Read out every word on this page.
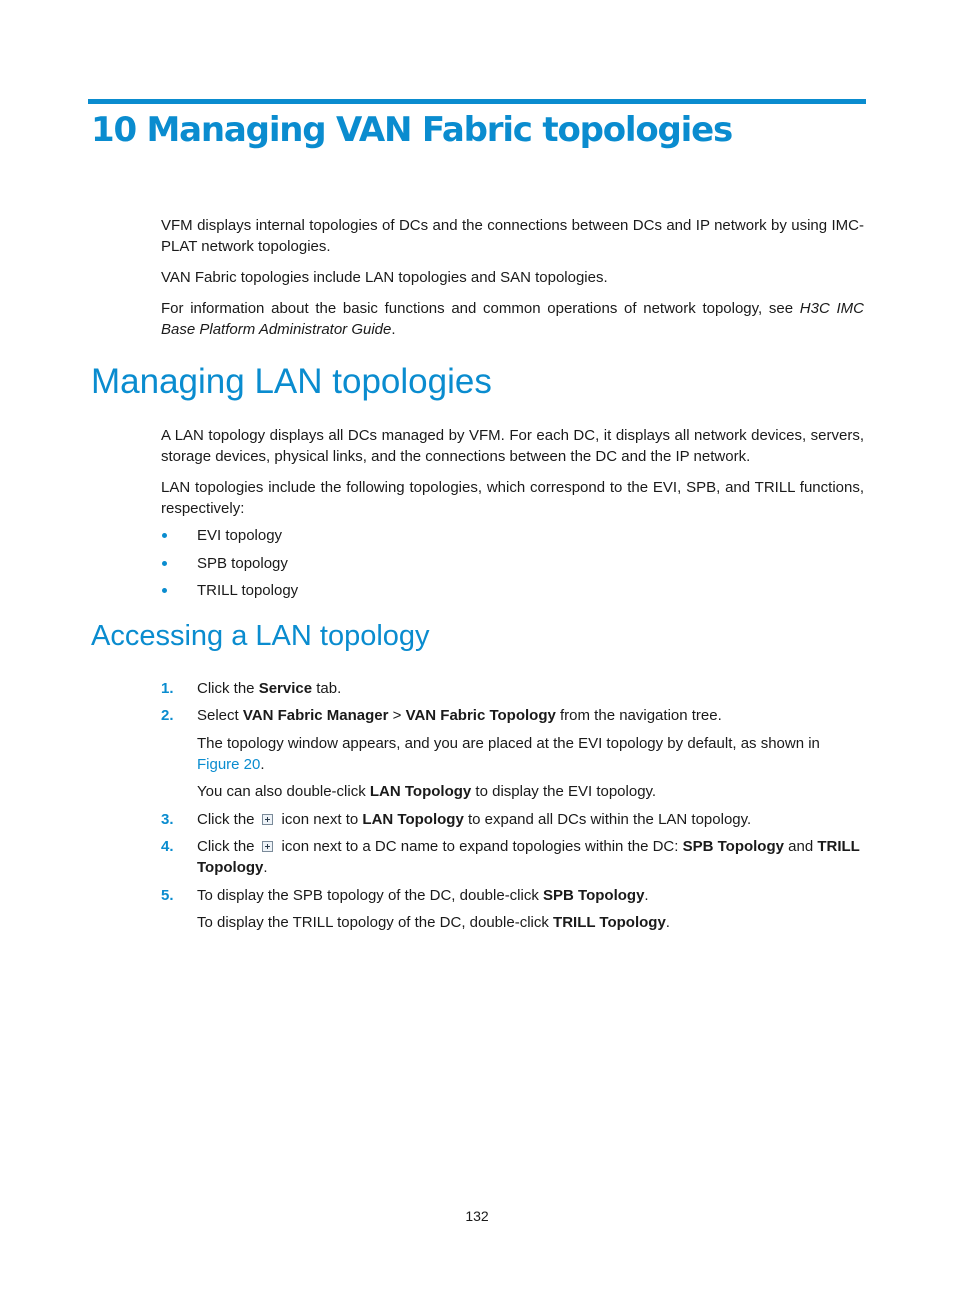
10 Managing VAN Fabric topologies

VFM displays internal topologies of DCs and the connections between DCs and IP network by using IMC-PLAT network topologies.

VAN Fabric topologies include LAN topologies and SAN topologies.

For information about the basic functions and common operations of network topology, see H3C IMC Base Platform Administrator Guide.

Managing LAN topologies

A LAN topology displays all DCs managed by VFM. For each DC, it displays all network devices, servers, storage devices, physical links, and the connections between the DC and the IP network.

LAN topologies include the following topologies, which correspond to the EVI, SPB, and TRILL functions, respectively:

EVI topology
SPB topology
TRILL topology
Accessing a LAN topology
1. Click the Service tab.
2. Select VAN Fabric Manager > VAN Fabric Topology from the navigation tree.
The topology window appears, and you are placed at the EVI topology by default, as shown in Figure 20.
You can also double-click LAN Topology to display the EVI topology.
3. Click the icon next to LAN Topology to expand all DCs within the LAN topology.
4. Click the icon next to a DC name to expand topologies within the DC: SPB Topology and TRILL Topology.
5. To display the SPB topology of the DC, double-click SPB Topology.
To display the TRILL topology of the DC, double-click TRILL Topology.
132
